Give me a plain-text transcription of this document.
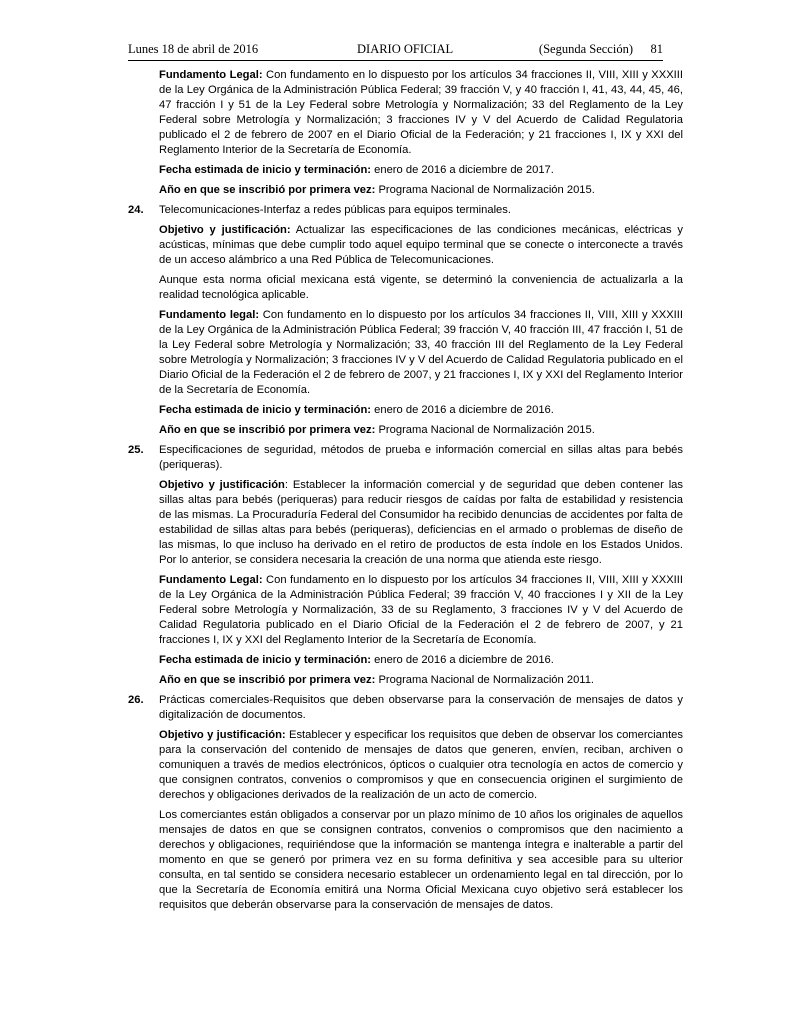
Lunes 18 de abril de 2016	DIARIO OFICIAL	(Segunda Sección) 81

Fundamento Legal: Con fundamento en lo dispuesto por los artículos 34 fracciones II, VIII, XIII y XXXIII de la Ley Orgánica de la Administración Pública Federal; 39 fracción V, y 40 fracción I, 41, 43, 44, 45, 46, 47 fracción I y 51 de la Ley Federal sobre Metrología y Normalización; 33 del Reglamento de la Ley Federal sobre Metrología y Normalización; 3 fracciones IV y V del Acuerdo de Calidad Regulatoria publicado el 2 de febrero de 2007 en el Diario Oficial de la Federación; y 21 fracciones I, IX y XXI del Reglamento Interior de la Secretaría de Economía.

Fecha estimada de inicio y terminación: enero de 2016 a diciembre de 2017.

Año en que se inscribió por primera vez: Programa Nacional de Normalización 2015.

24.	Telecomunicaciones-Interfaz a redes públicas para equipos terminales.

Objetivo y justificación: Actualizar las especificaciones de las condiciones mecánicas, eléctricas y acústicas, mínimas que debe cumplir todo aquel equipo terminal que se conecte o interconecte a través de un acceso alámbrico a una Red Pública de Telecomunicaciones.

Aunque esta norma oficial mexicana está vigente, se determinó la conveniencia de actualizarla a la realidad tecnológica aplicable.

Fundamento legal: Con fundamento en lo dispuesto por los artículos 34 fracciones II, VIII, XIII y XXXIII de la Ley Orgánica de la Administración Pública Federal; 39 fracción V, 40 fracción III, 47 fracción I, 51 de la Ley Federal sobre Metrología y Normalización; 33, 40 fracción III del Reglamento de la Ley Federal sobre Metrología y Normalización; 3 fracciones IV y V del Acuerdo de Calidad Regulatoria publicado en el Diario Oficial de la Federación el 2 de febrero de 2007, y 21 fracciones I, IX y XXI del Reglamento Interior de la Secretaría de Economía.

Fecha estimada de inicio y terminación: enero de 2016 a diciembre de 2016.

Año en que se inscribió por primera vez: Programa Nacional de Normalización 2015.

25.	Especificaciones de seguridad, métodos de prueba e información comercial en sillas altas para bebés (periqueras).

Objetivo y justificación: Establecer la información comercial y de seguridad que deben contener las sillas altas para bebés (periqueras) para reducir riesgos de caídas por falta de estabilidad y resistencia de las mismas. La Procuraduría Federal del Consumidor ha recibido denuncias de accidentes por falta de estabilidad de sillas altas para bebés (periqueras), deficiencias en el armado o problemas de diseño de las mismas, lo que incluso ha derivado en el retiro de productos de esta índole en los Estados Unidos. Por lo anterior, se considera necesaria la creación de una norma que atienda este riesgo.

Fundamento Legal: Con fundamento en lo dispuesto por los artículos 34 fracciones II, VIII, XIII y XXXIII de la Ley Orgánica de la Administración Pública Federal; 39 fracción V, 40 fracciones I y XII de la Ley Federal sobre Metrología y Normalización, 33 de su Reglamento, 3 fracciones IV y V del Acuerdo de Calidad Regulatoria publicado en el Diario Oficial de la Federación el 2 de febrero de 2007, y 21 fracciones I, IX y XXI del Reglamento Interior de la Secretaría de Economía.

Fecha estimada de inicio y terminación: enero de 2016 a diciembre de 2016.

Año en que se inscribió por primera vez: Programa Nacional de Normalización 2011.

26.	Prácticas comerciales-Requisitos que deben observarse para la conservación de mensajes de datos y digitalización de documentos.

Objetivo y justificación: Establecer y especificar los requisitos que deben de observar los comerciantes para la conservación del contenido de mensajes de datos que generen, envíen, reciban, archiven o comuniquen a través de medios electrónicos, ópticos o cualquier otra tecnología en actos de comercio y que consignen contratos, convenios o compromisos y que en consecuencia originen el surgimiento de derechos y obligaciones derivados de la realización de un acto de comercio.

Los comerciantes están obligados a conservar por un plazo mínimo de 10 años los originales de aquellos mensajes de datos en que se consignen contratos, convenios o compromisos que den nacimiento a derechos y obligaciones, requiriéndose que la información se mantenga íntegra e inalterable a partir del momento en que se generó por primera vez en su forma definitiva y sea accesible para su ulterior consulta, en tal sentido se considera necesario establecer un ordenamiento legal en tal dirección, por lo que la Secretaría de Economía emitirá una Norma Oficial Mexicana cuyo objetivo será establecer los requisitos que deberán observarse para la conservación de mensajes de datos.
